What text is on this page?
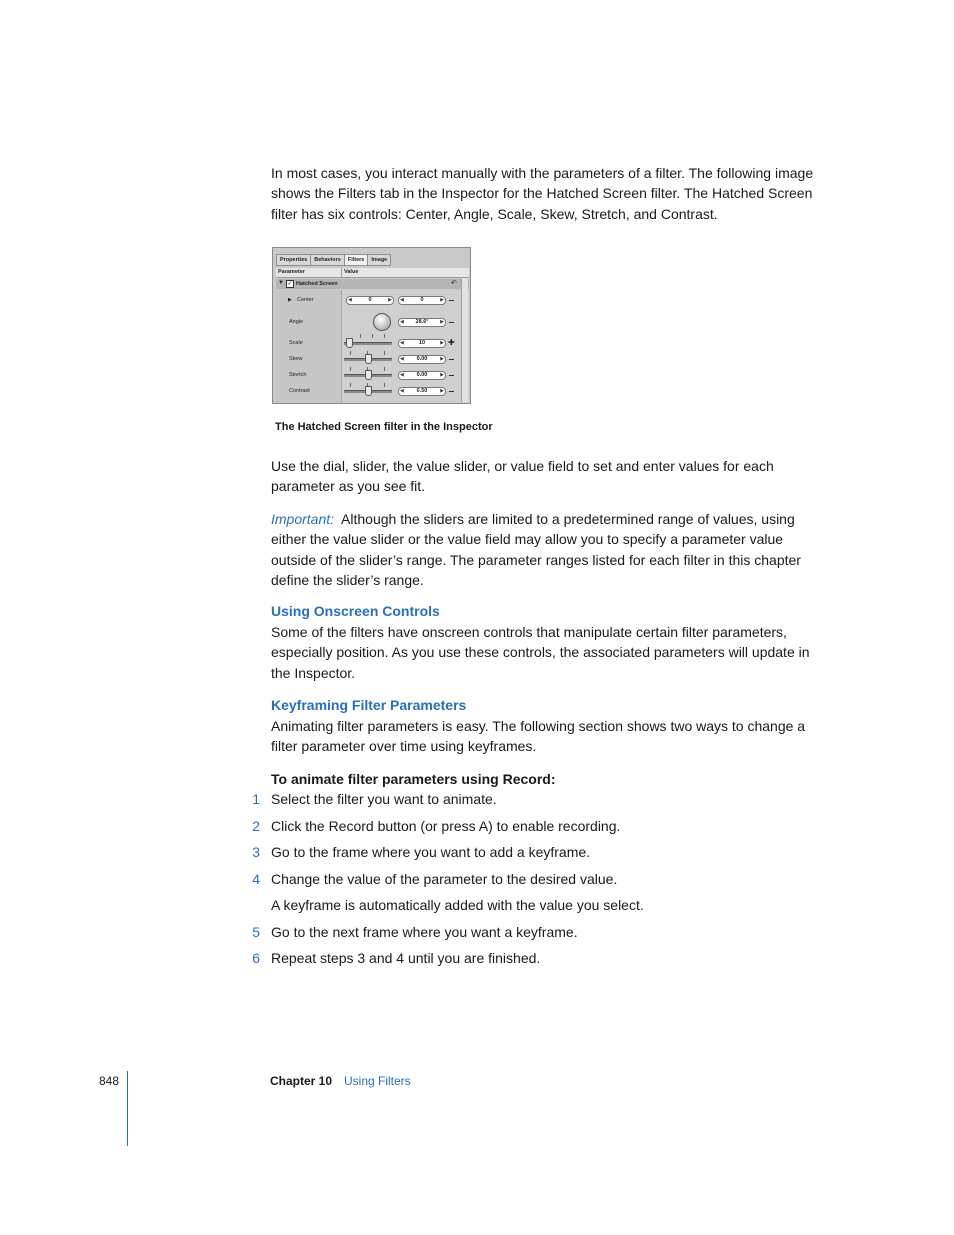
In most cases, you interact manually with the parameters of a filter. The following image shows the Filters tab in the Inspector for the Hatched Screen filter. The Hatched Screen filter has six controls: Center, Angle, Scale, Skew, Stretch, and Contrast.

Properties	Behaviors	Filters	Image
Parameter	Value
▼ ✓ Hatched Screen	↶
▶ Center	◀	0	▶ ◀	0	▶
Angle	◀ 28.6° ▶
Scale	◀	10	▶ ✚
Skew	◀ 0.00	▶
Stretch	◀ 0.00	▶
Contrast	◀ 0.50	▶
The Hatched Screen filter in the Inspector

Use the dial, slider, the value slider, or value field to set and enter values for each parameter as you see fit.

Important: Although the sliders are limited to a predetermined range of values, using either the value slider or the value field may allow you to specify a parameter value outside of the slider’s range. The parameter ranges listed for each filter in this chapter define the slider’s range.

Using Onscreen Controls

Some of the filters have onscreen controls that manipulate certain filter parameters, especially position. As you use these controls, the associated parameters will update in the Inspector.

Keyframing Filter Parameters

Animating filter parameters is easy. The following section shows two ways to change a filter parameter over time using keyframes.

To animate filter parameters using Record:
1 Select the filter you want to animate.
2 Click the Record button (or press A) to enable recording.
3 Go to the frame where you want to add a keyframe.
4 Change the value of the parameter to the desired value.
A keyframe is automatically added with the value you select.
5 Go to the next frame where you want a keyframe.
6 Repeat steps 3 and 4 until you are finished.
848	Chapter 10 Using Filters
